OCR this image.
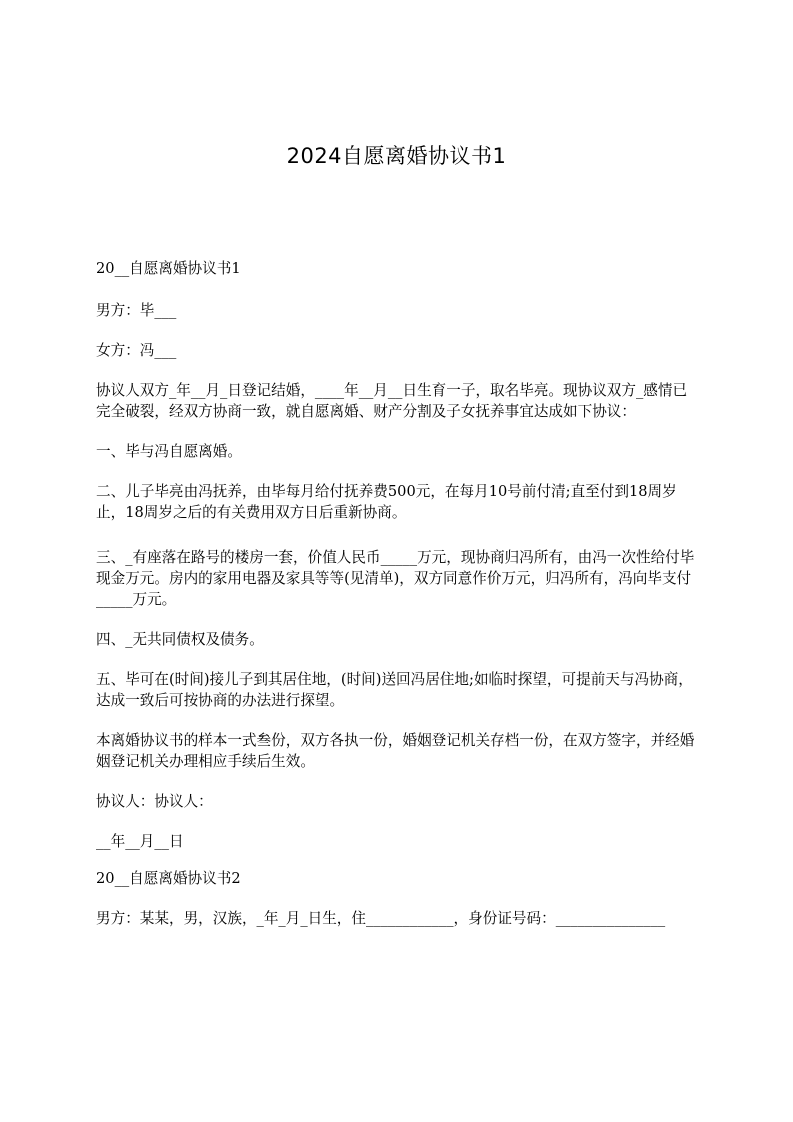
2024自愿离婚协议书1

20__自愿离婚协议书1

男方：毕___

女方：冯___

协议人双方_年__月_日登记结婚，____年__月__日生育一子，取名毕亮。现协议双方_感情已完全破裂，经双方协商一致，就自愿离婚、财产分割及子女抚养事宜达成如下协议：

一、毕与冯自愿离婚。

二、儿子毕亮由冯抚养，由毕每月给付抚养费500元，在每月10号前付清;直至付到18周岁止，18周岁之后的有关费用双方日后重新协商。

三、_有座落在路号的楼房一套，价值人民币_____万元，现协商归冯所有，由冯一次性给付毕现金万元。房内的家用电器及家具等等(见清单)，双方同意作价万元，归冯所有，冯向毕支付_____万元。

四、_无共同债权及债务。

五、毕可在(时间)接儿子到其居住地，(时间)送回冯居住地;如临时探望，可提前天与冯协商，达成一致后可按协商的办法进行探望。

本离婚协议书的样本一式叁份，双方各执一份，婚姻登记机关存档一份，在双方签字，并经婚姻登记机关办理相应手续后生效。

协议人：协议人：

__年__月__日

20__自愿离婚协议书2

男方：某某，男，汉族，_年_月_日生，住____________，身份证号码：_______________
